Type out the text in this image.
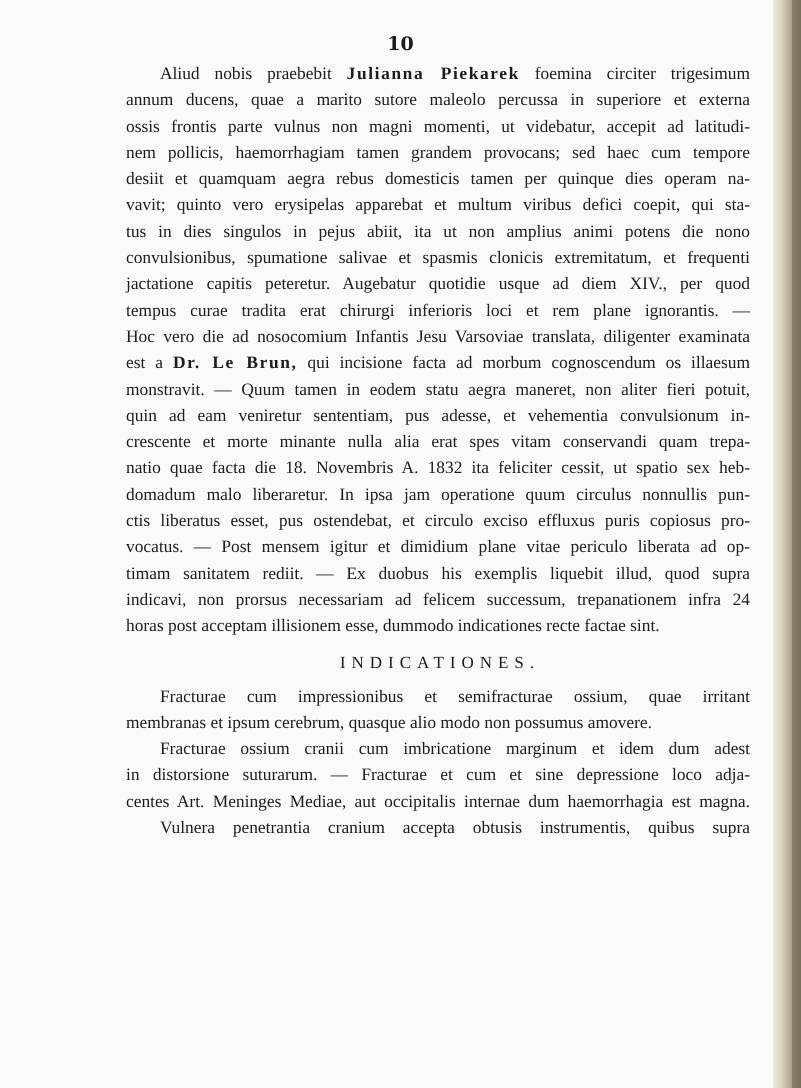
10
Aliud nobis praebebit Julianna Piekarek foemina circiter trigesimum
annum ducens, quae a marito sutore maleolo percussa in superiore et externa
ossis frontis parte vulnus non magni momenti, ut videbatur, accepit ad latitudi-
nem pollicis, haemorrhagiam tamen grandem provocans; sed haec cum tempore
desiit et quamquam aegra rebus domesticis tamen per quinque dies operam na-
vavit; quinto vero erysipelas apparebat et multum viribus defici coepit, qui sta-
tus in dies singulos in pejus abiit, ita ut non amplius animi potens die nono
convulsionibus, spumatione salivae et spasmis clonicis extremitatum, et frequenti
jactatione capitis peteretur. Augebatur quotidie usque ad diem XIV., per quod
tempus curae tradita erat chirurgi inferioris loci et rem plane ignorantis. —
Hoc vero die ad nosocomium Infantis Jesu Varsoviae translata, diligenter examinata
est a Dr. Le Brun, qui incisione facta ad morbum cognoscendum os illaesum
monstravit. — Quum tamen in eodem statu aegra maneret, non aliter fieri potuit,
quin ad eam veniretur sententiam, pus adesse, et vehementia convulsionum in-
crescente et morte minante nulla alia erat spes vitam conservandi quam trepa-
natio quae facta die 18. Novembris A. 1832 ita feliciter cessit, ut spatio sex heb-
domadum malo liberaretur. In ipsa jam operatione quum circulus nonnullis pun-
ctis liberatus esset, pus ostendebat, et circulo exciso effluxus puris copiosus pro-
vocatus. — Post mensem igitur et dimidium plane vitae periculo liberata ad op-
timam sanitatem rediit. — Ex duobus his exemplis liquebit illud, quod supra
indicavi, non prorsus necessariam ad felicem successum, trepanationem infra 24
horas post acceptam illisionem esse, dummodo indicationes recte factae sint.
INDICATIONES.
Fracturae cum impressionibus et semifracturae ossium, quae irritant
membranas et ipsum cerebrum, quasque alio modo non possumus amovere.
Fracturae ossium cranii cum imbricatione marginum et idem dum adest
in distorsione suturarum. — Fracturae et cum et sine depressione loco adja-
centes Art. Meninges Mediae, aut occipitalis internae dum haemorrhagia est magna.
Vulnera penetrantia cranium accepta obtusis instrumentis, quibus supra
